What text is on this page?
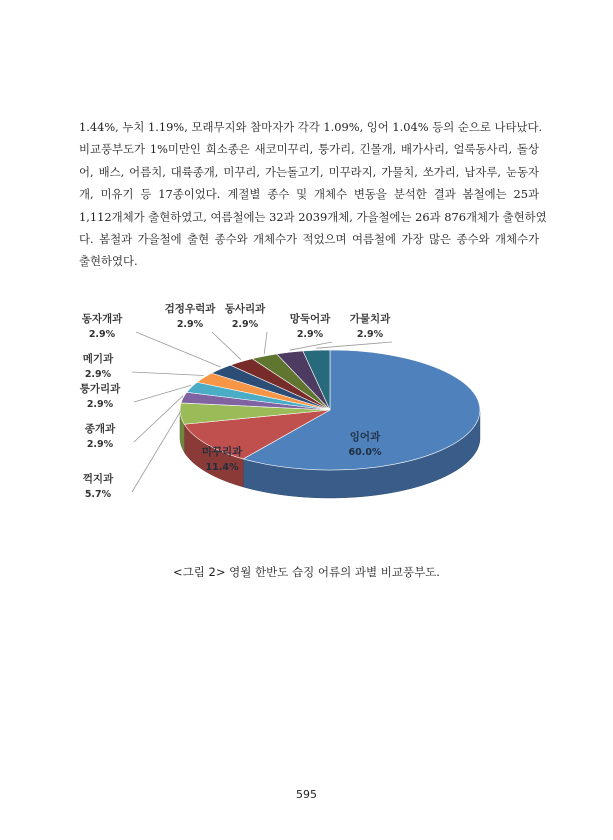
1.44%, 누치 1.19%, 모래무지와 참마자가 각각 1.09%, 잉어 1.04% 등의 순으로 나타났다.
비교풍부도가 1%미만인 희소종은 새코미꾸리, 퉁가리, 긴몰개, 배가사리, 얼룩동사리, 돌상
어, 배스, 어름치, 대륙종개, 미꾸리, 가는돌고기, 미꾸라지, 가물치, 쏘가리, 납자루, 눈동자
개, 미유기 등 17종이었다. 계절별 종수 및 개체수 변동을 분석한 결과 봄철에는 25과
1,112개체가 출현하였고, 여름철에는 32과 2039개체, 가을철에는 26과 876개체가 출현하였
다. 봄철과 가을철에 출현 종수와 개체수가 적었으며 여름철에 가장 많은 종수와 개체수가
출현하였다.
잉어과
60.0%
미꾸리과
11.4%
꺽지과
5.7%
종개과
2.9%
퉁가리과
2.9%
메기과
2.9%
동자개과
2.9%
검정우럭과
2.9%
동사리과
2.9%	망둑어과
2.9%
가물치과
2.9%
<그림 2> 영월 한반도 습징 어류의 과별 비교풍부도.
595
